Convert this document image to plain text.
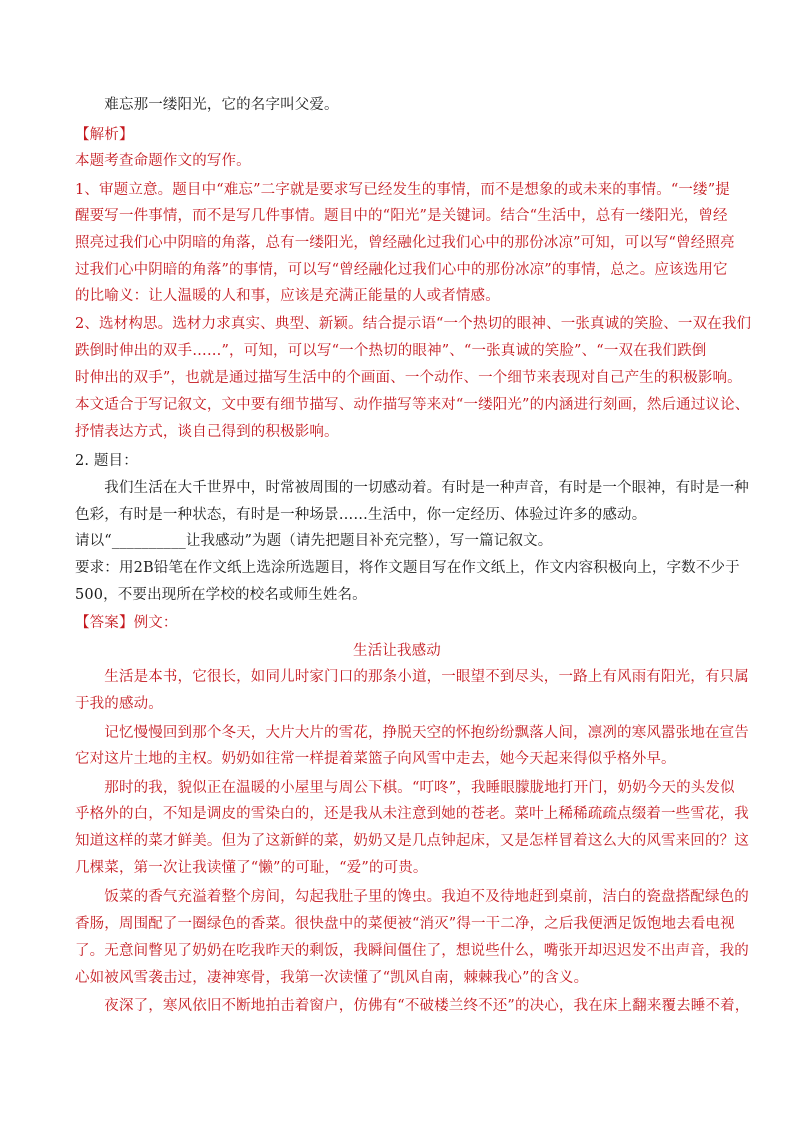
　　难忘那一缕阳光，它的名字叫父爱。

【解析】

本题考查命题作文的写作。

1、审题立意。题目中“难忘”二字就是要求写已经发生的事情，而不是想象的或未来的事情。“一缕”提

醒要写一件事情，而不是写几件事情。题目中的“阳光”是关键词。结合“生活中，总有一缕阳光，曾经

照亮过我们心中阴暗的角落，总有一缕阳光，曾经融化过我们心中的那份冰凉”可知，可以写“曾经照亮

过我们心中阴暗的角落”的事情，可以写“曾经融化过我们心中的那份冰凉”的事情，总之。应该选用它

的比喻义：让人温暖的人和事，应该是充满正能量的人或者情感。

2、选材构思。选材力求真实、典型、新颖。结合提示语“一个热切的眼神、一张真诚的笑脸、一双在我们

跌倒时伸出的双手……”，可知，可以写“一个热切的眼神”、“一张真诚的笑脸”、“一双在我们跌倒

时伸出的双手”，也就是通过描写生活中的个画面、一个动作、一个细节来表现对自己产生的积极影响。

本文适合于写记叙文，文中要有细节描写、动作描写等来对“一缕阳光”的内涵进行刻画，然后通过议论、

抒情表达方式，谈自己得到的积极影响。

2. 题目：

　　我们生活在大千世界中，时常被周围的一切感动着。有时是一种声音，有时是一个眼神，有时是一种

色彩，有时是一种状态，有时是一种场景……生活中，你一定经历、体验过许多的感动。

请以“__________让我感动”为题（请先把题目补充完整），写一篇记叙文。

要求：用2B铅笔在作文纸上选涂所选题目，将作文题目写在作文纸上，作文内容积极向上，字数不少于

500，不要出现所在学校的校名或师生姓名。

【答案】例文：

生活让我感动

　　生活是本书，它很长，如同儿时家门口的那条小道，一眼望不到尽头，一路上有风雨有阳光，有只属

于我的感动。

　　记忆慢慢回到那个冬天，大片大片的雪花，挣脱天空的怀抱纷纷飘落人间，凛冽的寒风嚣张地在宣告

它对这片土地的主权。奶奶如往常一样提着菜篮子向风雪中走去，她今天起来得似乎格外早。

　　那时的我，貌似正在温暖的小屋里与周公下棋。“叮咚”，我睡眼朦胧地打开门，奶奶今天的头发似

乎格外的白，不知是调皮的雪染白的，还是我从未注意到她的苍老。菜叶上稀稀疏疏点缀着一些雪花，我

知道这样的菜才鲜美。但为了这新鲜的菜，奶奶又是几点钟起床，又是怎样冒着这么大的风雪来回的？这

几棵菜，第一次让我读懂了“懒”的可耻，“爱”的可贵。

　　饭菜的香气充溢着整个房间，勾起我肚子里的馋虫。我迫不及待地赶到桌前，洁白的瓷盘搭配绿色的

香肠，周围配了一圈绿色的香菜。很快盘中的菜便被“消灭”得一干二净，之后我便洒足饭饱地去看电视

了。无意间瞥见了奶奶在吃我昨天的剩饭，我瞬间僵住了，想说些什么，嘴张开却迟迟发不出声音，我的

心如被风雪袭击过，凄神寒骨，我第一次读懂了“凯风自南，棘棘我心”的含义。

　　夜深了，寒风依旧不断地拍击着窗户，仿佛有“不破楼兰终不还”的决心，我在床上翻来覆去睡不着，
